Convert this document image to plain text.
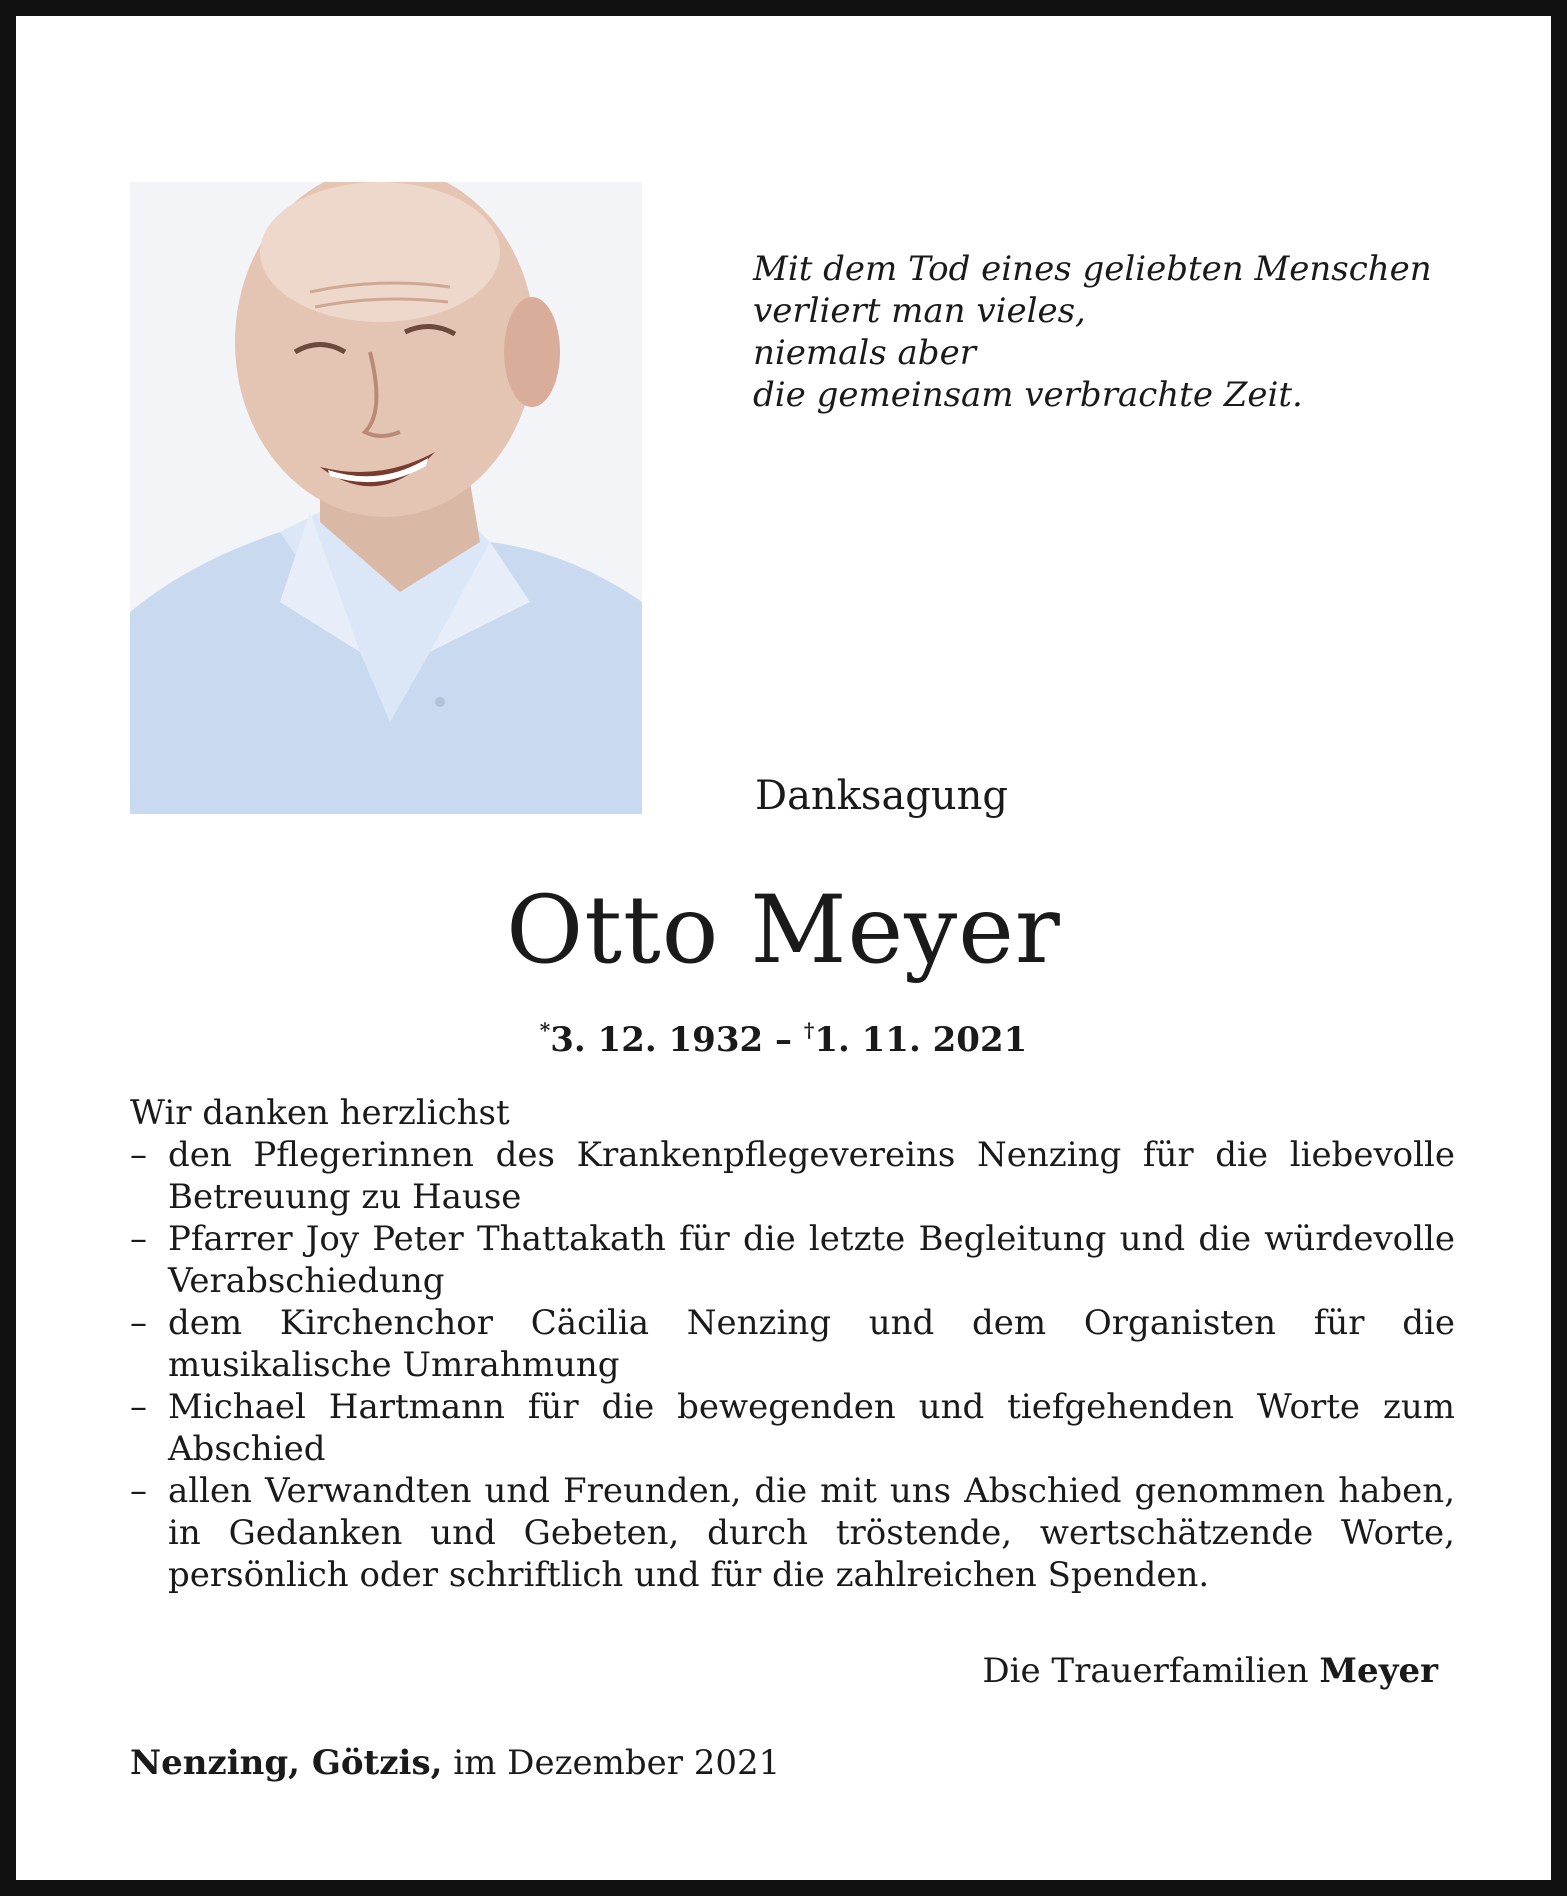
Mit dem Tod eines geliebten Menschen
verliert man vieles,
niemals aber
die gemeinsam verbrachte Zeit.
Danksagung
Otto Meyer
*3. 12. 1932 – †1. 11. 2021
Wir danken herzlichst
– den Pflegerinnen des Krankenpflegevereins Nenzing für die liebevolle Betreuung zu Hause
– Pfarrer Joy Peter Thattakath für die letzte Begleitung und die würdevolle Verabschiedung
– dem Kirchenchor Cäcilia Nenzing und dem Organisten für die musikalische Umrahmung
– Michael Hartmann für die bewegenden und tiefgehenden Worte zum Abschied
– allen Verwandten und Freunden, die mit uns Abschied genommen haben, in Gedanken und Gebeten, durch tröstende, wertschätzende Worte, persönlich oder schriftlich und für die zahlreichen Spenden.
Die Trauerfamilien Meyer
Nenzing, Götzis, im Dezember 2021
